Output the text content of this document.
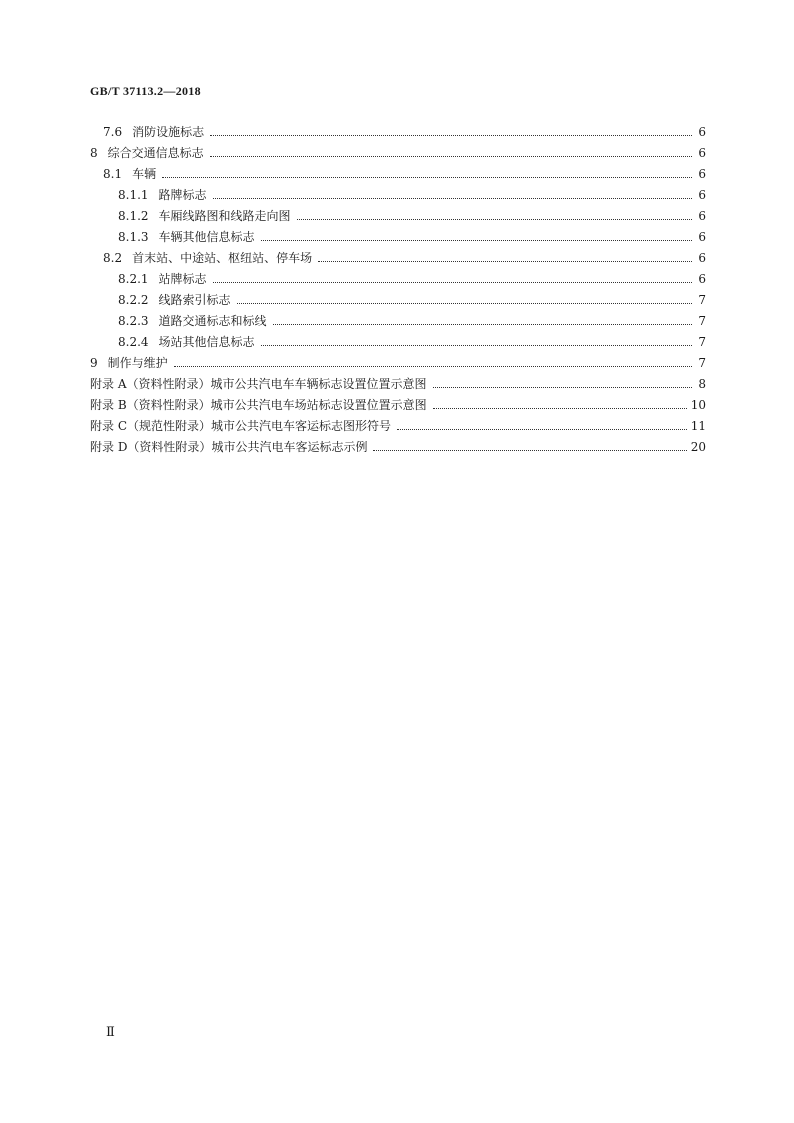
GB/T 37113.2—2018
7.6 消防设施标志	6
8 综合交通信息标志	6
8.1 车辆	6
8.1.1 路牌标志	6
8.1.2 车厢线路图和线路走向图	6
8.1.3 车辆其他信息标志	6
8.2 首末站、中途站、枢纽站、停车场	6
8.2.1 站牌标志	6
8.2.2 线路索引标志	7
8.2.3 道路交通标志和标线	7
8.2.4 场站其他信息标志	7
9 制作与维护	7
附录 A（资料性附录） 城市公共汽电车车辆标志设置位置示意图	8
附录 B（资料性附录） 城市公共汽电车场站标志设置位置示意图	10
附录 C（规范性附录） 城市公共汽电车客运标志图形符号	11
附录 D（资料性附录） 城市公共汽电车客运标志示例	20
Ⅱ
